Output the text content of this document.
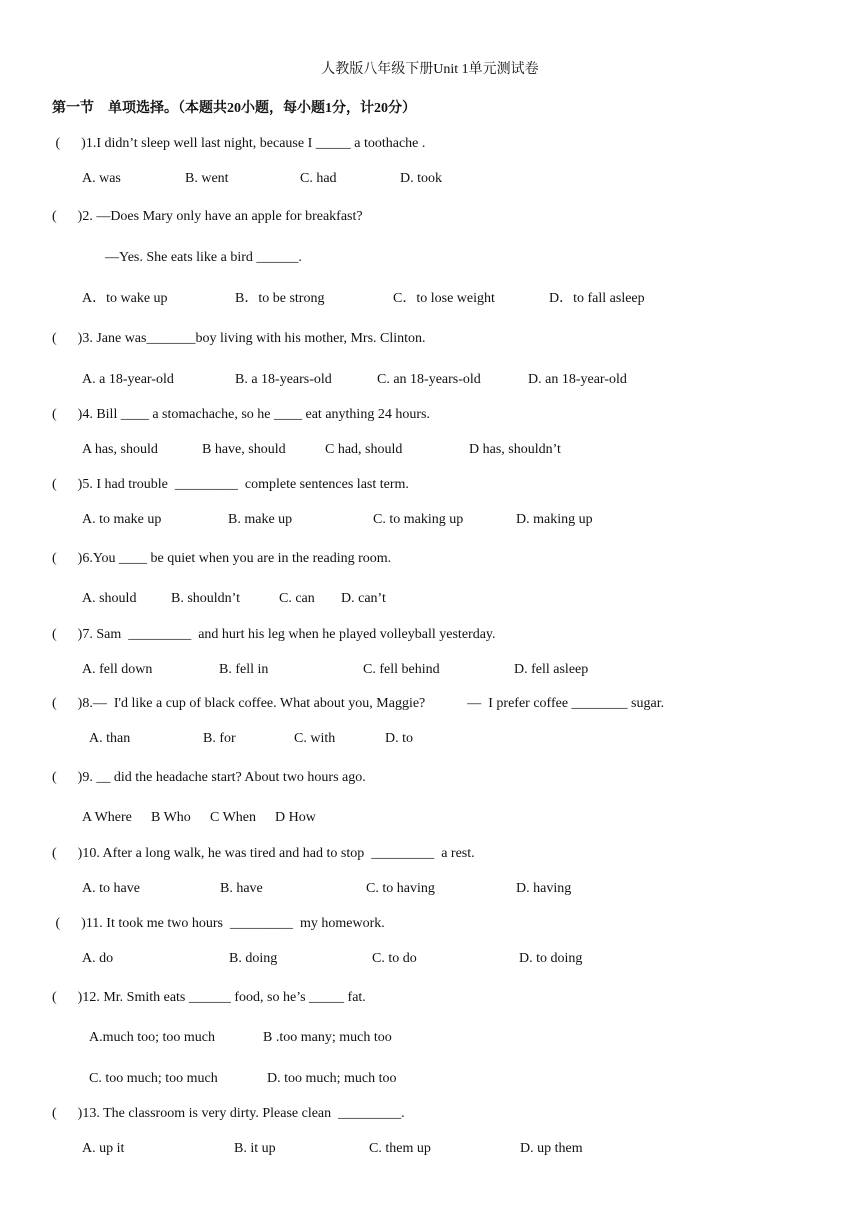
人教版八年级下册Unit 1单元测试卷
第一节    单项选择。（本题共20小题，每小题1分，计20分）
(      )1.I didn’t sleep well last night, because I _____ a toothache .
A. was	B. went	C. had	D. took
(      )2. —Does Mary only have an apple for breakfast?
—Yes. She eats like a bird ______.
A．to wake up	B．to be strong	C．to lose weight	D．to fall asleep
(      )3. Jane was_______boy living with his mother, Mrs. Clinton.
A. a 18-year-old	B. a 18-years-old	C. an 18-years-old	D. an 18-year-old
(      )4. Bill ____ a stomachache, so he ____ eat anything 24 hours.
A has, should	B have, should	C had, should	D has, shouldn’t
(      )5. I had trouble  _________  complete sentences last term.
A. to make up	B. make up	C. to making up	D. making up
(      )6.You ____ be quiet when you are in the reading room.
A. should B. shouldn’t	C. can D. can’t
(      )7. Sam  _________  and hurt his leg when he played volleyball yesterday.
A. fell down	B. fell in	C. fell behind	D. fell asleep
(      )8.—  I'd like a cup of black coffee. What about you, Maggie?            —  I prefer coffee ________ sugar.
A. than	B. for	C. with	D. to
(      )9. __ did the headache start? About two hours ago.
A Where B Who C When D How
(      )10. After a long walk, he was tired and had to stop  _________  a rest.
A. to have	B. have	C. to having	D. having
(      )11. It took me two hours  _________  my homework.
A. do	B. doing	C. to do	D. to doing
(      )12. Mr. Smith eats ______ food, so he’s _____ fat.
A.much too; too much	B .too many; much too
C. too much; too much	D. too much; much too
(      )13. The classroom is very dirty. Please clean  _________.
A. up it	B. it up	C. them up	D. up them
